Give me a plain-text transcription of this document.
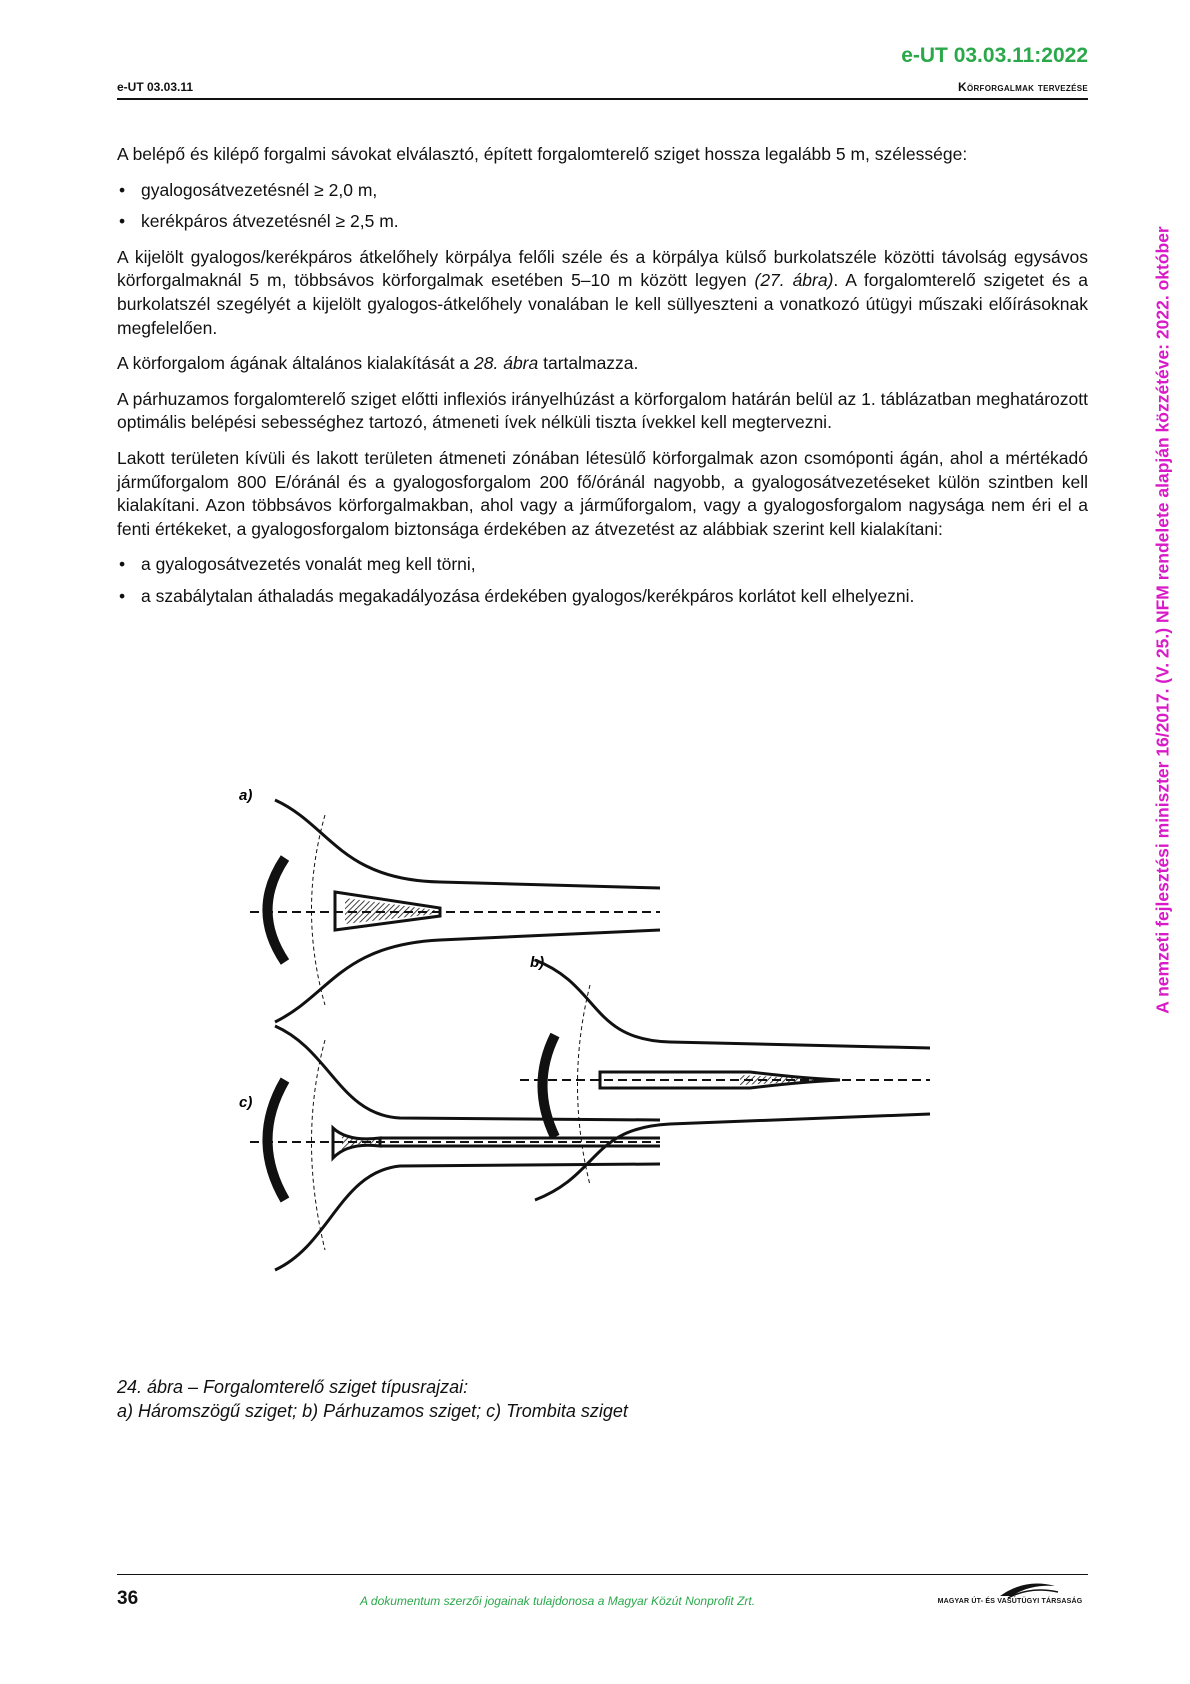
e-UT 03.03.11:2022
e-UT 03.03.11	Körforgalmak tervezése

A belépő és kilépő forgalmi sávokat elválasztó, épített forgalomterelő sziget hossza legalább 5 m, szélessége:

• gyalogosátvezetésnél ≥ 2,0 m,
• kerékpáros átvezetésnél ≥ 2,5 m.

A kijelölt gyalogos/kerékpáros átkelőhely körpálya felőli széle és a körpálya külső burkolatszéle közötti távolság egysávos körforgalmaknál 5 m, többsávos körforgalmak esetében 5–10 m között legyen (27. ábra). A forgalomterelő szigetet és a burkolatszél szegélyét a kijelölt gyalogos-átkelőhely vonalában le kell süllyeszteni a vonatkozó útügyi műszaki előírásoknak megfelelően.

A körforgalom ágának általános kialakítását a 28. ábra tartalmazza.

A párhuzamos forgalomterelő sziget előtti inflexiós irányelhúzást a körforgalom határán belül az 1. táblázatban meghatározott optimális belépési sebességhez tartozó, átmeneti ívek nélküli tiszta ívekkel kell megtervezni.

Lakott területen kívüli és lakott területen átmeneti zónában létesülő körforgalmak azon csomóponti ágán, ahol a mértékadó járműforgalom 800 E/óránál és a gyalogosforgalom 200 fő/óránál nagyobb, a gyalogosátvezetéseket külön szintben kell kialakítani. Azon többsávos körforgalmakban, ahol vagy a járműforgalom, vagy a gyalogosforgalom nagysága nem éri el a fenti értékeket, a gyalogosforgalom biztonsága érdekében az átvezetést az alábbiak szerint kell kialakítani:

• a gyalogosátvezetés vonalát meg kell törni,
• a szabálytalan áthaladás megakadályozása érdekében gyalogos/kerékpáros korlátot kell elhelyezni.
a)
b)
c)
24. ábra – Forgalomterelő sziget típusrajzai:
a) Háromszögű sziget; b) Párhuzamos sziget; c) Trombita sziget
A nemzeti fejlesztési miniszter 16/2017. (V. 25.) NFM rendelete alapján közzétéve: 2022. október
36	A dokumentum szerzői jogainak tulajdonosa a Magyar Közút Nonprofit Zrt.	MAGYAR ÚT- ÉS VASÚTÜGYI TÁRSASÁG
